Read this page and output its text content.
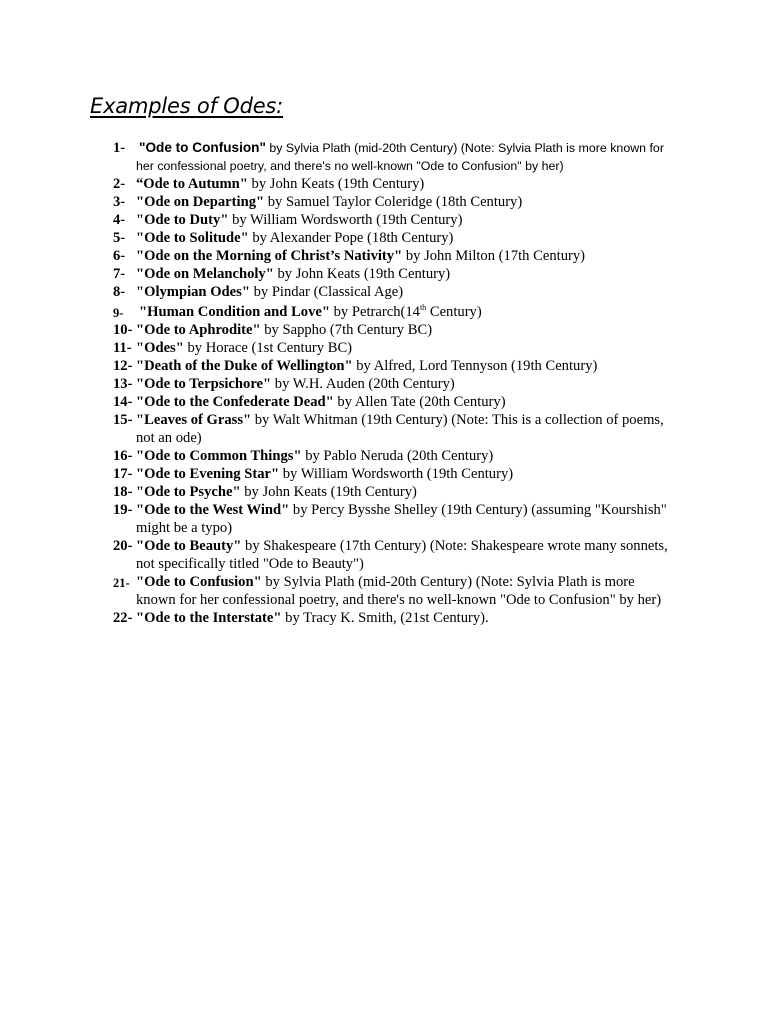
Examples of Odes:
1- "Ode to Confusion" by Sylvia Plath (mid-20th Century) (Note: Sylvia Plath is more known for her confessional poetry, and there's no well-known "Ode to Confusion" by her)
2- “Ode to Autumn" by John Keats (19th Century)
3- "Ode on Departing" by Samuel Taylor Coleridge (18th Century)
4- "Ode to Duty" by William Wordsworth (19th Century)
5- "Ode to Solitude" by Alexander Pope (18th Century)
6- "Ode on the Morning of Christ’s Nativity" by John Milton (17th Century)
7- "Ode on Melancholy" by John Keats (19th Century)
8- "Olympian Odes" by Pindar (Classical Age)
9- "Human Condition and Love" by Petrarch(14th Century)
10- "Ode to Aphrodite" by Sappho (7th Century BC)
11- "Odes" by Horace (1st Century BC)
12- "Death of the Duke of Wellington" by Alfred, Lord Tennyson (19th Century)
13- "Ode to Terpsichore" by W.H. Auden (20th Century)
14- "Ode to the Confederate Dead" by Allen Tate (20th Century)
15- "Leaves of Grass" by Walt Whitman (19th Century) (Note: This is a collection of poems, not an ode)
16- "Ode to Common Things" by Pablo Neruda (20th Century)
17- "Ode to Evening Star" by William Wordsworth (19th Century)
18- "Ode to Psyche" by John Keats (19th Century)
19- "Ode to the West Wind" by Percy Bysshe Shelley (19th Century) (assuming "Kourshish" might be a typo)
20- "Ode to Beauty" by Shakespeare (17th Century) (Note: Shakespeare wrote many sonnets, not specifically titled "Ode to Beauty")
21- "Ode to Confusion" by Sylvia Plath (mid-20th Century) (Note: Sylvia Plath is more known for her confessional poetry, and there's no well-known "Ode to Confusion" by her)
22- "Ode to the Interstate" by Tracy K. Smith, (21st Century).
